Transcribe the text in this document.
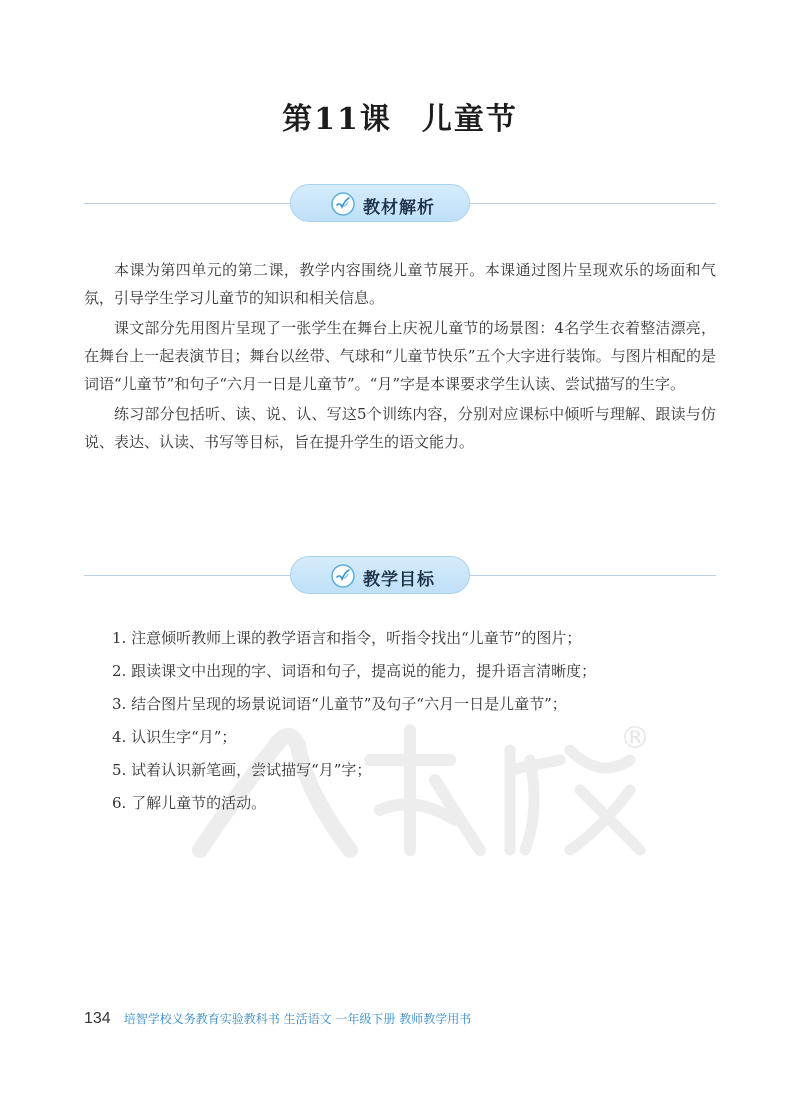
第11课 儿童节
教材解析

本课为第四单元的第二课，教学内容围绕儿童节展开。本课通过图片呈现欢乐的场面和气氛，引导学生学习儿童节的知识和相关信息。

课文部分先用图片呈现了一张学生在舞台上庆祝儿童节的场景图：4名学生衣着整洁漂亮，在舞台上一起表演节目；舞台以丝带、气球和“儿童节快乐”五个大字进行装饰。与图片相配的是词语“儿童节”和句子“六月一日是儿童节”。“月”字是本课要求学生认读、尝试描写的生字。

练习部分包括听、读、说、认、写这5个训练内容，分别对应课标中倾听与理解、跟读与仿说、表达、认读、书写等目标，旨在提升学生的语文能力。

教学目标
®
1. 注意倾听教师上课的教学语言和指令，听指令找出“儿童节”的图片；
2. 跟读课文中出现的字、词语和句子，提高说的能力，提升语言清晰度；
3. 结合图片呈现的场景说词语“儿童节”及句子“六月一日是儿童节”；
4. 认识生字“月”；
5. 试着认识新笔画，尝试描写“月”字；
6. 了解儿童节的活动。
134 培智学校义务教育实验教科书 生活语文 一年级下册 教师教学用书
